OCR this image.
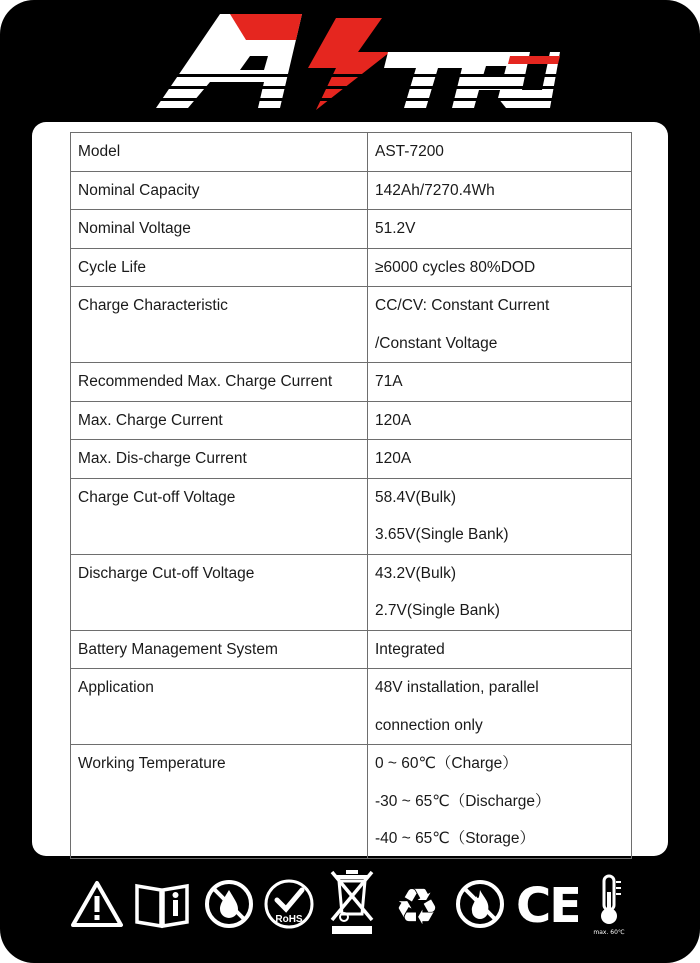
Model	AST-7200

Nominal Capacity	142Ah/7270.4Wh

Nominal Voltage	51.2V

Cycle Life	≥6000 cycles 80%DOD

Charge Characteristic	CC/CV: Constant Current
/Constant Voltage

Recommended Max. Charge Current	71A

Max. Charge Current	120A

Max. Dis-charge Current	120A

Charge Cut-off Voltage	58.4V(Bulk)
3.65V(Single Bank)

Discharge Cut-off Voltage	43.2V(Bulk)
2.7V(Single Bank)

Battery Management System	Integrated

Application	48V installation, parallel
connection only

Working Temperature	0 ~ 60℃（Charge）
-30 ~ 65℃（Discharge）
-40 ~ 65℃（Storage）
RoHS ♻ CE max. 60℃
